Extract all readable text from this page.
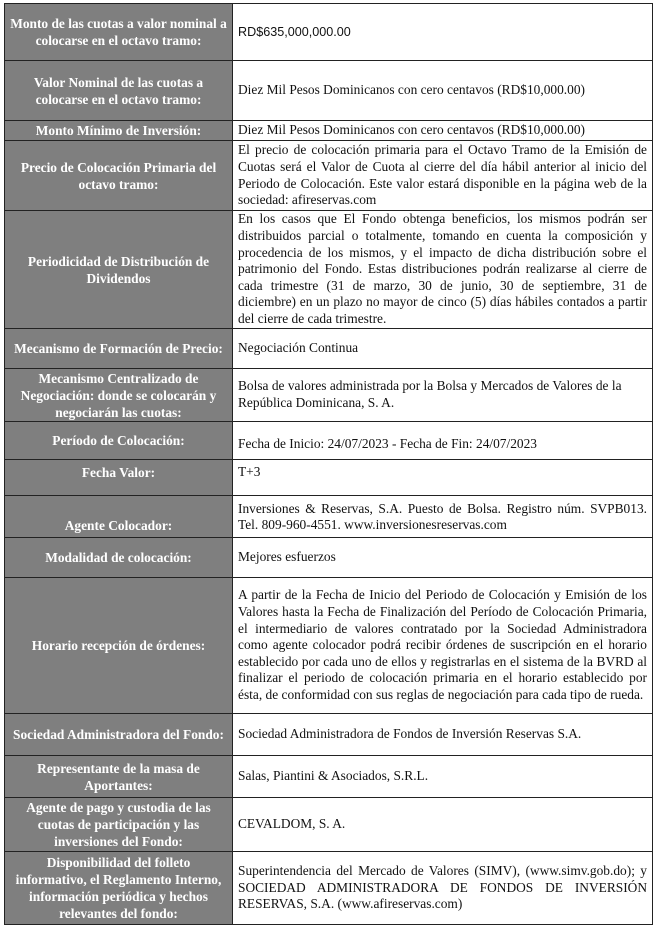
Monto de las cuotas a valor nominal a colocarse en el octavo tramo:	RD$635,000,000.00
Valor Nominal de las cuotas a colocarse en el octavo tramo:	Diez Mil Pesos Dominicanos con cero centavos (RD$10,000.00)
Monto Mínimo de Inversión:	Diez Mil Pesos Dominicanos con cero centavos (RD$10,000.00)
Precio de Colocación Primaria del octavo tramo:	El precio de colocación primaria para el Octavo Tramo de la Emisión de Cuotas será el Valor de Cuota al cierre del día hábil anterior al inicio del Periodo de Colocación. Este valor estará disponible en la página web de la sociedad: afireservas.com
Periodicidad de Distribución de Dividendos	En los casos que El Fondo obtenga beneficios, los mismos podrán ser distribuidos parcial o totalmente, tomando en cuenta la composición y procedencia de los mismos, y el impacto de dicha distribución sobre el patrimonio del Fondo. Estas distribuciones podrán realizarse al cierre de cada trimestre (31 de marzo, 30 de junio, 30 de septiembre, 31 de diciembre) en un plazo no mayor de cinco (5) días hábiles contados a partir del cierre de cada trimestre.
Mecanismo de Formación de Precio:	Negociación Continua
Mecanismo Centralizado de Negociación: donde se colocarán y negociarán las cuotas:	Bolsa de valores administrada por la Bolsa y Mercados de Valores de la República Dominicana, S. A.
Período de Colocación:	Fecha de Inicio: 24/07/2023 - Fecha de Fin: 24/07/2023
Fecha Valor:	T+3
Agente Colocador:	Inversiones & Reservas, S.A. Puesto de Bolsa. Registro núm. SVPB013. Tel. 809-960-4551. www.inversionesreservas.com
Modalidad de colocación:	Mejores esfuerzos
Horario recepción de órdenes:	A partir de la Fecha de Inicio del Periodo de Colocación y Emisión de los Valores hasta la Fecha de Finalización del Período de Colocación Primaria, el intermediario de valores contratado por la Sociedad Administradora como agente colocador podrá recibir órdenes de suscripción en el horario establecido por cada uno de ellos y registrarlas en el sistema de la BVRD al finalizar el periodo de colocación primaria en el horario establecido por ésta, de conformidad con sus reglas de negociación para cada tipo de rueda.
Sociedad Administradora del Fondo:	Sociedad Administradora de Fondos de Inversión Reservas S.A.
Representante de la masa de Aportantes:	Salas, Piantini & Asociados, S.R.L.
Agente de pago y custodia de las cuotas de participación y las inversiones del Fondo:	CEVALDOM, S. A.
Disponibilidad del folleto informativo, el Reglamento Interno, información periódica y hechos relevantes del fondo:	Superintendencia del Mercado de Valores (SIMV), (www.simv.gob.do); y SOCIEDAD ADMINISTRADORA DE FONDOS DE INVERSIÓN RESERVAS, S.A. (www.afireservas.com)
